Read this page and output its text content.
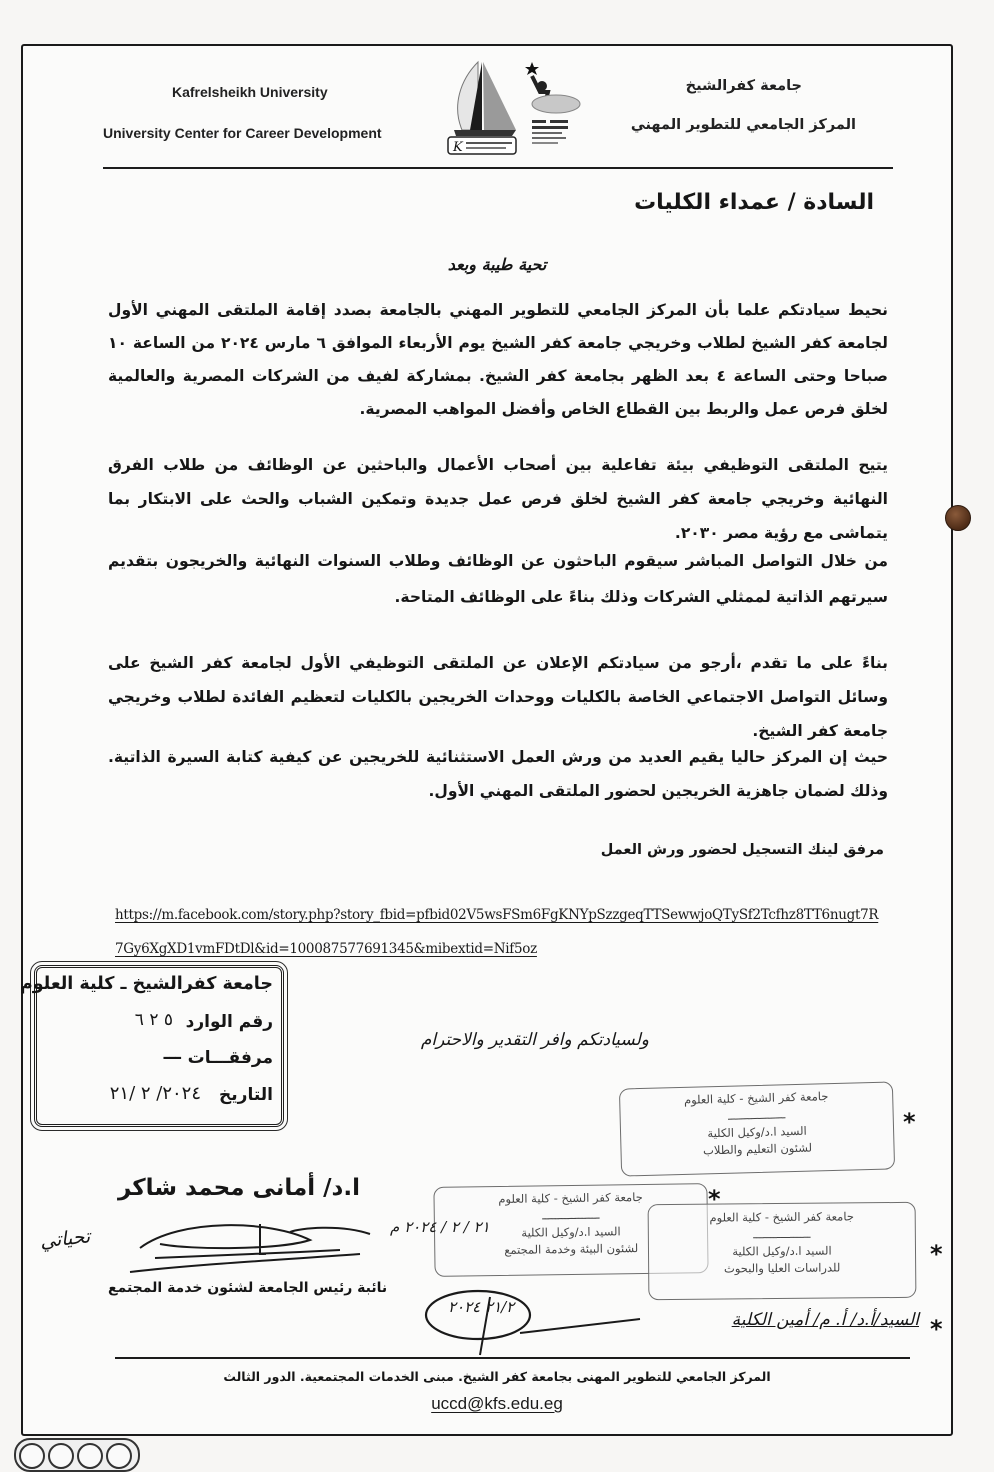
Kafrelsheikh University
University Center for Career Development
جامعة كفرالشيخ
المركز الجامعي للتطوير المهني
K
السادة / عمداء الكليات
تحية طيبة وبعد
نحيط سيادتكم علما بأن المركز الجامعي للتطوير المهني بالجامعة بصدد إقامة الملتقى المهني الأول لجامعة كفر الشيخ لطلاب وخريجي جامعة كفر الشيخ يوم الأربعاء الموافق ٦ مارس ٢٠٢٤ من الساعة ١٠ صباحا وحتى الساعة ٤ بعد الظهر بجامعة كفر الشيخ. بمشاركة لفيف من الشركات المصرية والعالمية لخلق فرص عمل والربط بين القطاع الخاص وأفضل المواهب المصرية.
يتيح الملتقى التوظيفي بيئة تفاعلية بين أصحاب الأعمال والباحثين عن الوظائف من طلاب الفرق النهائية وخريجي جامعة كفر الشيخ لخلق فرص عمل جديدة وتمكين الشباب والحث على الابتكار بما يتماشى مع رؤية مصر ٢٠٣٠.
من خلال التواصل المباشر سيقوم الباحثون عن الوظائف وطلاب السنوات النهائية والخريجون بتقديم سيرتهم الذاتية لممثلي الشركات وذلك بناءً على الوظائف المتاحة.
بناءً على ما تقدم ،أرجو من سيادتكم الإعلان عن الملتقى التوظيفي الأول لجامعة كفر الشيخ على وسائل التواصل الاجتماعي الخاصة بالكليات ووحدات الخريجين بالكليات لتعظيم الفائدة لطلاب وخريجي جامعة كفر الشيخ.
حيث إن المركز حاليا يقيم العديد من ورش العمل الاستثنائية للخريجين عن كيفية كتابة السيرة الذاتية. وذلك لضمان جاهزية الخريجين لحضور الملتقى المهني الأول.
مرفق لينك التسجيل لحضور ورش العمل
https://m.facebook.com/story.php?story_fbid=pfbid02V5wsFSm6FgKNYpSzzgeqTTSewwjoQTySf2Tcfhz8TT6nugt7R7Gy6XgXD1vmFDtDl&id=100087577691345&mibextid=Nif5oz
جامعة كفرالشيخ ـ كلية العلوم
رقم الوارد
٥ ٢ ٦
مرفقـــات
ـــ
التاريخ
٢٠٢٤/ ٢ /٢١
ولسيادتكم وافر التقدير والاحترام
جامعة كفر الشيخ - كلية العلوم
ـــــــــــــــــ
السيد ا.د/وكيل الكلية
لشئون التعليم والطلاب
جامعة كفر الشيخ - كلية العلوم
ـــــــــــــــــ
السيد ا.د/وكيل الكلية
لشئون البيئة وخدمة المجتمع
جامعة كفر الشيخ - كلية العلوم
ـــــــــــــــــ
السيد ا.د/وكيل الكلية
للدراسات العليا والبحوث
*
*
*
*
ا.د/ أمانى محمد شاكر
٢١ / ٢ / ٢٠٢٤ م
تحياتي
نائبة رئيس الجامعة لشئون خدمة المجتمع
٢١/٢ ٢٠٢٤
السيد/أ.د/ أ. م/ أمين الكلية
المركز الجامعي للتطوير المهنى بجامعة كفر الشيخ. مبنى الخدمات المجتمعية. الدور الثالث
uccd@kfs.edu.eg
